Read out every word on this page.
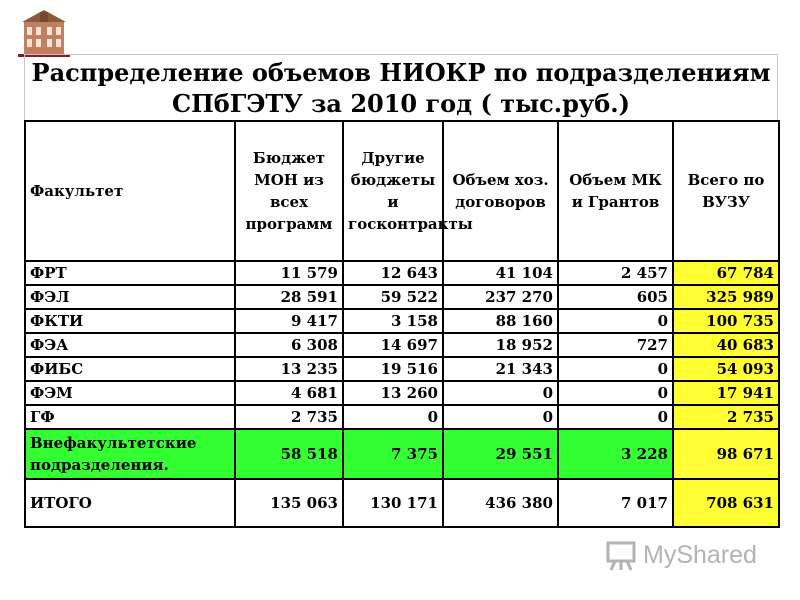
Распределение объемов НИОКР по подразделениям
СПбГЭТУ за 2010 год ( тыс.руб.)
Факультет	Бюджет МОН из всех программ	Другие бюджеты и госконтракты	Объем хоз. договоров	Объем МК и Грантов	Всего по ВУЗУ
ФРТ	11 579	12 643	41 104	2 457	67 784
ФЭЛ	28 591	59 522	237 270	605	325 989
ФКТИ	9 417	3 158	88 160	0	100 735
ФЭА	6 308	14 697	18 952	727	40 683
ФИБС	13 235	19 516	21 343	0	54 093
ФЭМ	4 681	13 260	0	0	17 941
ГФ	2 735	0	0	0	2 735
Внефакультетские подразделения.	58 518	7 375	29 551	3 228	98 671
ИТОГО	135 063	130 171	436 380	7 017	708 631
MyShared
